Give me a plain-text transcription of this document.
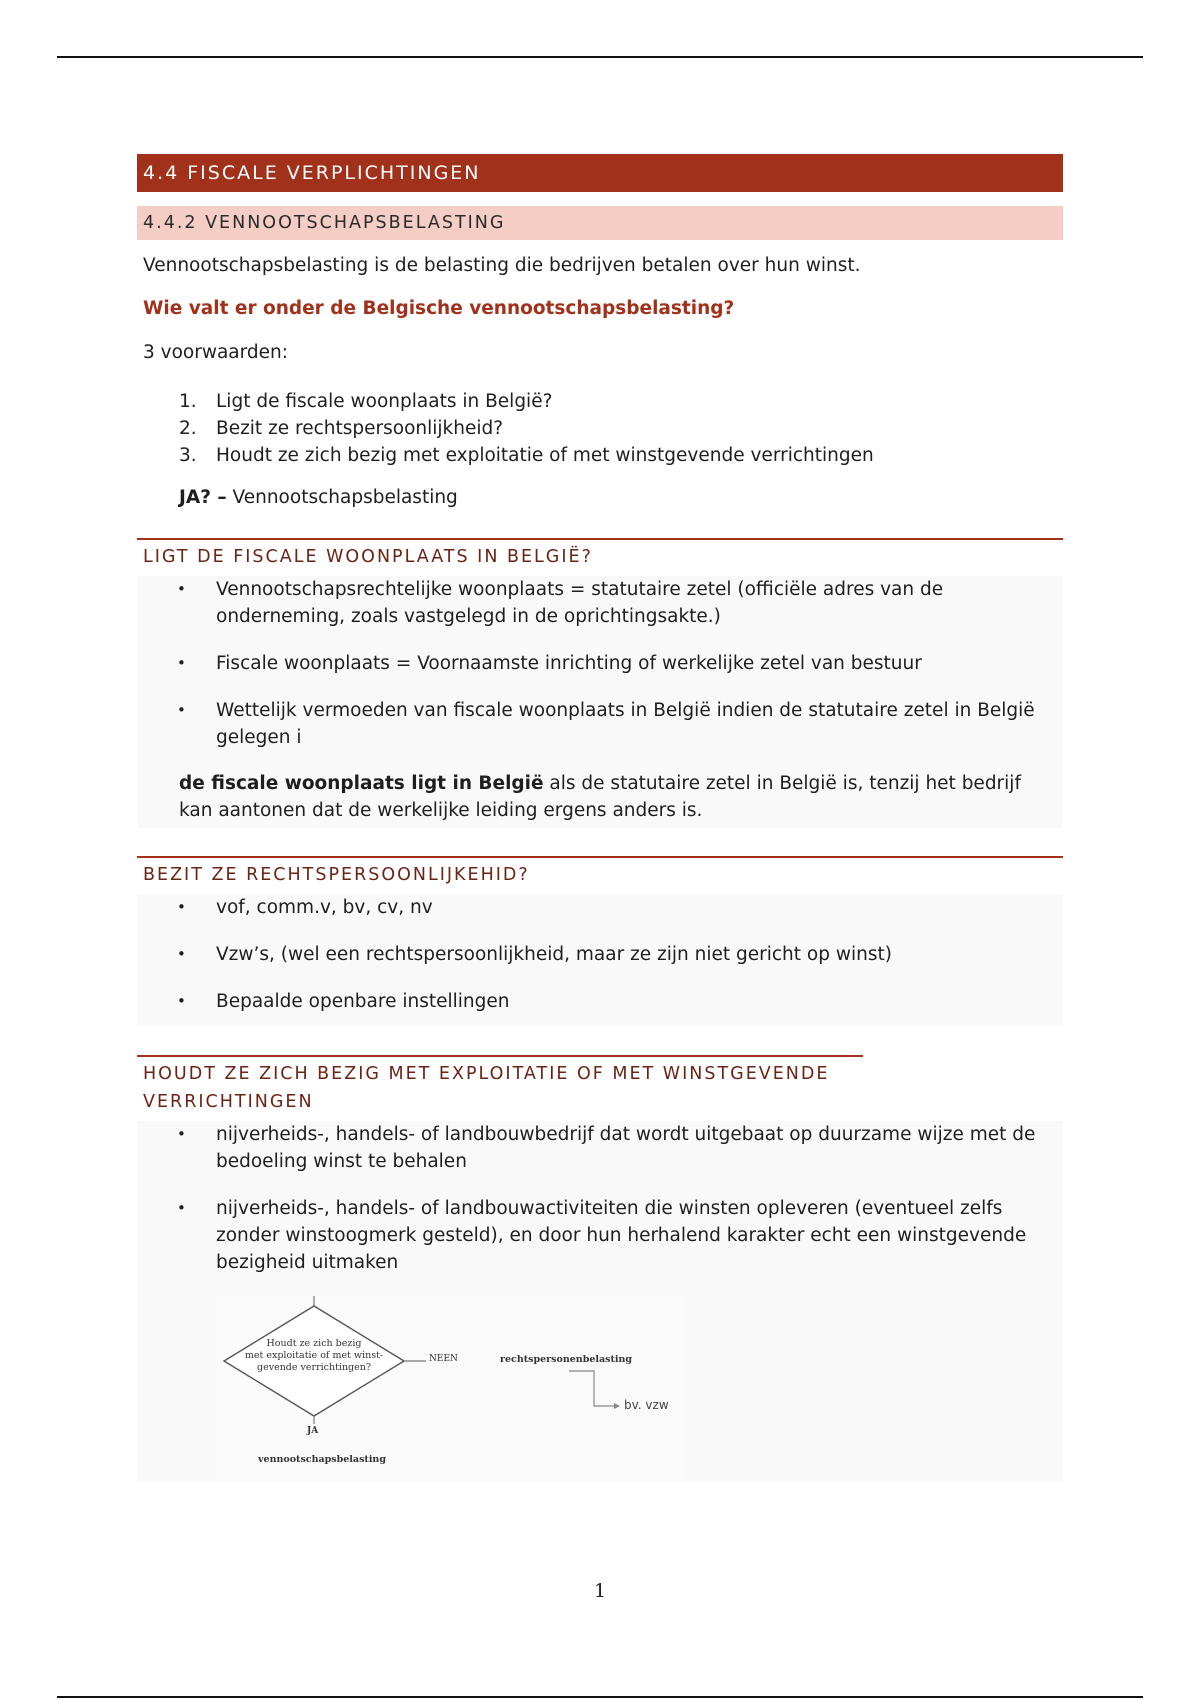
4.4 FISCALE VERPLICHTINGEN
4.4.2 VENNOOTSCHAPSBELASTING

Vennootschapsbelasting is de belasting die bedrijven betalen over hun winst.

Wie valt er onder de Belgische vennootschapsbelasting?

3 voorwaarden:

1. Ligt de fiscale woonplaats in België?
2. Bezit ze rechtspersoonlijkheid?
3. Houdt ze zich bezig met exploitatie of met winstgevende verrichtingen

JA? – Vennootschapsbelasting

LIGT DE FISCALE WOONPLAATS IN BELGIË?
• Vennootschapsrechtelijke woonplaats = statutaire zetel (officiële adres van de onderneming, zoals vastgelegd in de oprichtingsakte.)
• Fiscale woonplaats = Voornaamste inrichting of werkelijke zetel van bestuur
• Wettelijk vermoeden van fiscale woonplaats in België indien de statutaire zetel in België gelegen i

de fiscale woonplaats ligt in België als de statutaire zetel in België is, tenzij het bedrijf kan aantonen dat de werkelijke leiding ergens anders is.

BEZIT ZE RECHTSPERSOONLIJKEHID?
• vof, comm.v, bv, cv, nv
• Vzw’s, (wel een rechtspersoonlijkheid, maar ze zijn niet gericht op winst)
• Bepaalde openbare instellingen
HOUDT ZE ZICH BEZIG MET EXPLOITATIE OF MET WINSTGEVENDE VERRICHTINGEN
• nijverheids-, handels- of landbouwbedrijf dat wordt uitgebaat op duurzame wijze met de bedoeling winst te behalen
• nijverheids-, handels- of landbouwactiviteiten die winsten opleveren (eventueel zelfs zonder winstoogmerk gesteld), en door hun herhalend karakter echt een winstgevende bezigheid uitmaken
Houdt ze zich bezig
met exploitatie of met winst-
gevende verrichtingen?
NEEN	rechtspersonenbelasting
bv. vzw
JA
vennootschapsbelasting
1
